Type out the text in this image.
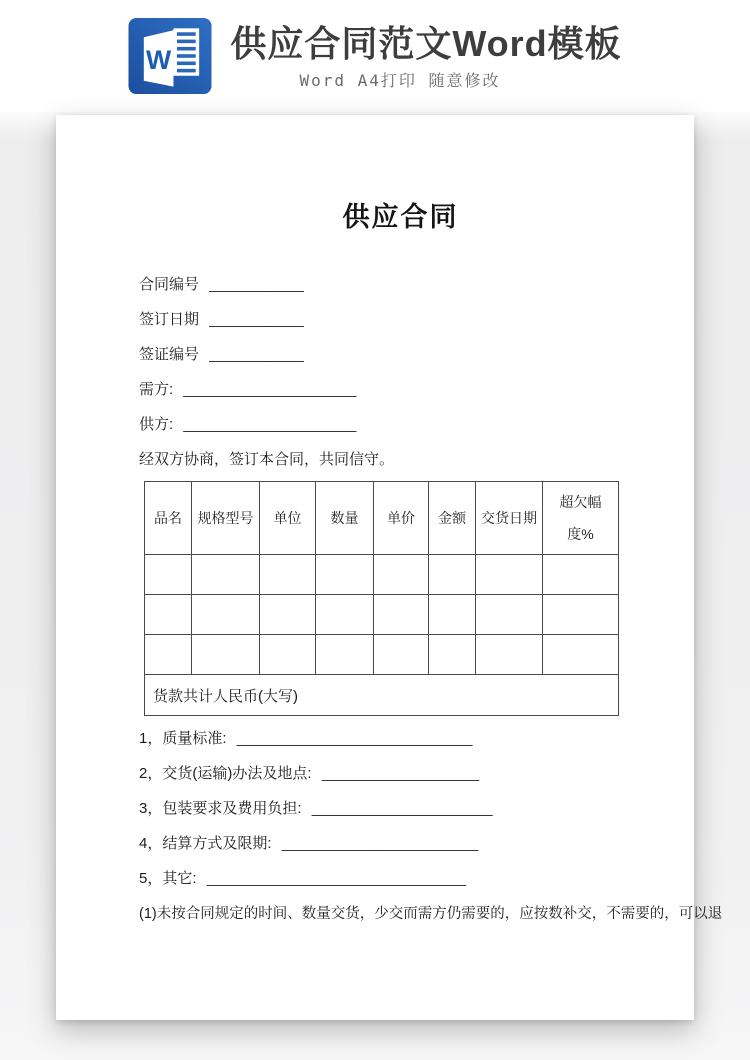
W 供应合同范文Word模板
Word A4打印 随意修改
供应合同

合同编号 ____________

签订日期 ____________

签证编号 ____________

需方: ______________________

供方: ______________________

经双方协商，签订本合同，共同信守。

品名	规格型号	单位	数量	单价	金额	交货日期	超欠幅度%

货款共计人民币(大写)							

1，质量标准: ______________________________

2，交货(运输)办法及地点: ____________________

3，包装要求及费用负担: _______________________

4，结算方式及限期: _________________________

5，其它: _________________________________

(1)未按合同规定的时间、数量交货，少交而需方仍需要的，应按数补交，不需要的，可以退
